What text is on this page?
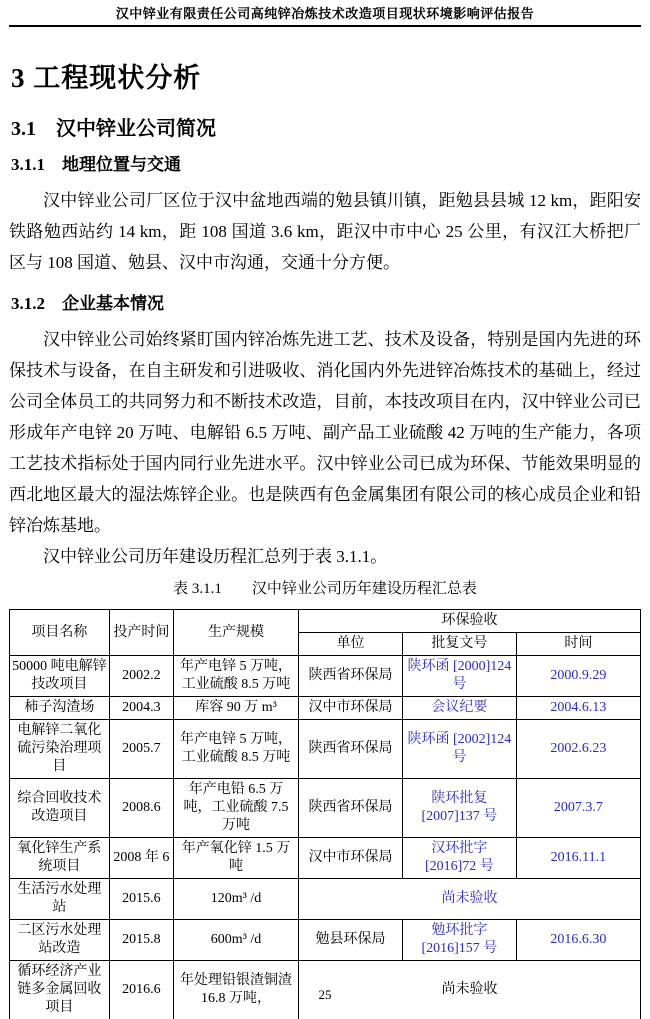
汉中锌业有限责任公司高纯锌冶炼技术改造项目现状环境影响评估报告
3 工程现状分析
3.1　汉中锌业公司简况
3.1.1　地理位置与交通

汉中锌业公司厂区位于汉中盆地西端的勉县镇川镇，距勉县县城 12 km，距阳安铁路勉西站约 14 km，距 108 国道 3.6 km，距汉中市中心 25 公里，有汉江大桥把厂区与 108 国道、勉县、汉中市沟通，交通十分方便。

3.1.2　企业基本情况

汉中锌业公司始终紧盯国内锌冶炼先进工艺、技术及设备，特别是国内先进的环保技术与设备，在自主研发和引进吸收、消化国内外先进锌冶炼技术的基础上，经过公司全体员工的共同努力和不断技术改造，目前，本技改项目在内，汉中锌业公司已形成年产电锌 20 万吨、电解铅 6.5 万吨、副产品工业硫酸 42 万吨的生产能力，各项工艺技术指标处于国内同行业先进水平。汉中锌业公司已成为环保、节能效果明显的西北地区最大的湿法炼锌企业。也是陕西有色金属集团有限公司的核心成员企业和铅锌冶炼基地。

汉中锌业公司历年建设历程汇总列于表 3.1.1。

表 3.1.1　　汉中锌业公司历年建设历程汇总表
项目名称	投产时间	生产规模	环保验收		
			单位	批复文号	时间
50000 吨电解锌技改项目	2002.2	年产电锌 5 万吨，工业硫酸 8.5 万吨	陕西省环保局	陕环函 [2000]124 号	2000.9.29
柿子沟渣场	2004.3	库容 90 万 m³	汉中市环保局	会议纪要	2004.6.13
电解锌二氧化硫污染治理项目	2005.7	年产电锌 5 万吨，工业硫酸 8.5 万吨	陕西省环保局	陕环函 [2002]124 号	2002.6.23
综合回收技术改造项目	2008.6	年产电铅 6.5 万吨，工业硫酸 7.5 万吨	陕西省环保局	陕环批复 [2007]137 号	2007.3.7
氧化锌生产系统项目	2008 年 6	年产氧化锌 1.5 万吨	汉中市环保局	汉环批字 [2016]72 号	2016.11.1
生活污水处理站	2015.6	120m³ /d	尚未验收		
二区污水处理站改造	2015.8	600m³ /d	勉县环保局	勉环批字 [2016]157 号	2016.6.30
循环经济产业链多金属回收项目	2016.6	年处理铅银渣铜渣 16.8 万吨，	尚未验收		
25
